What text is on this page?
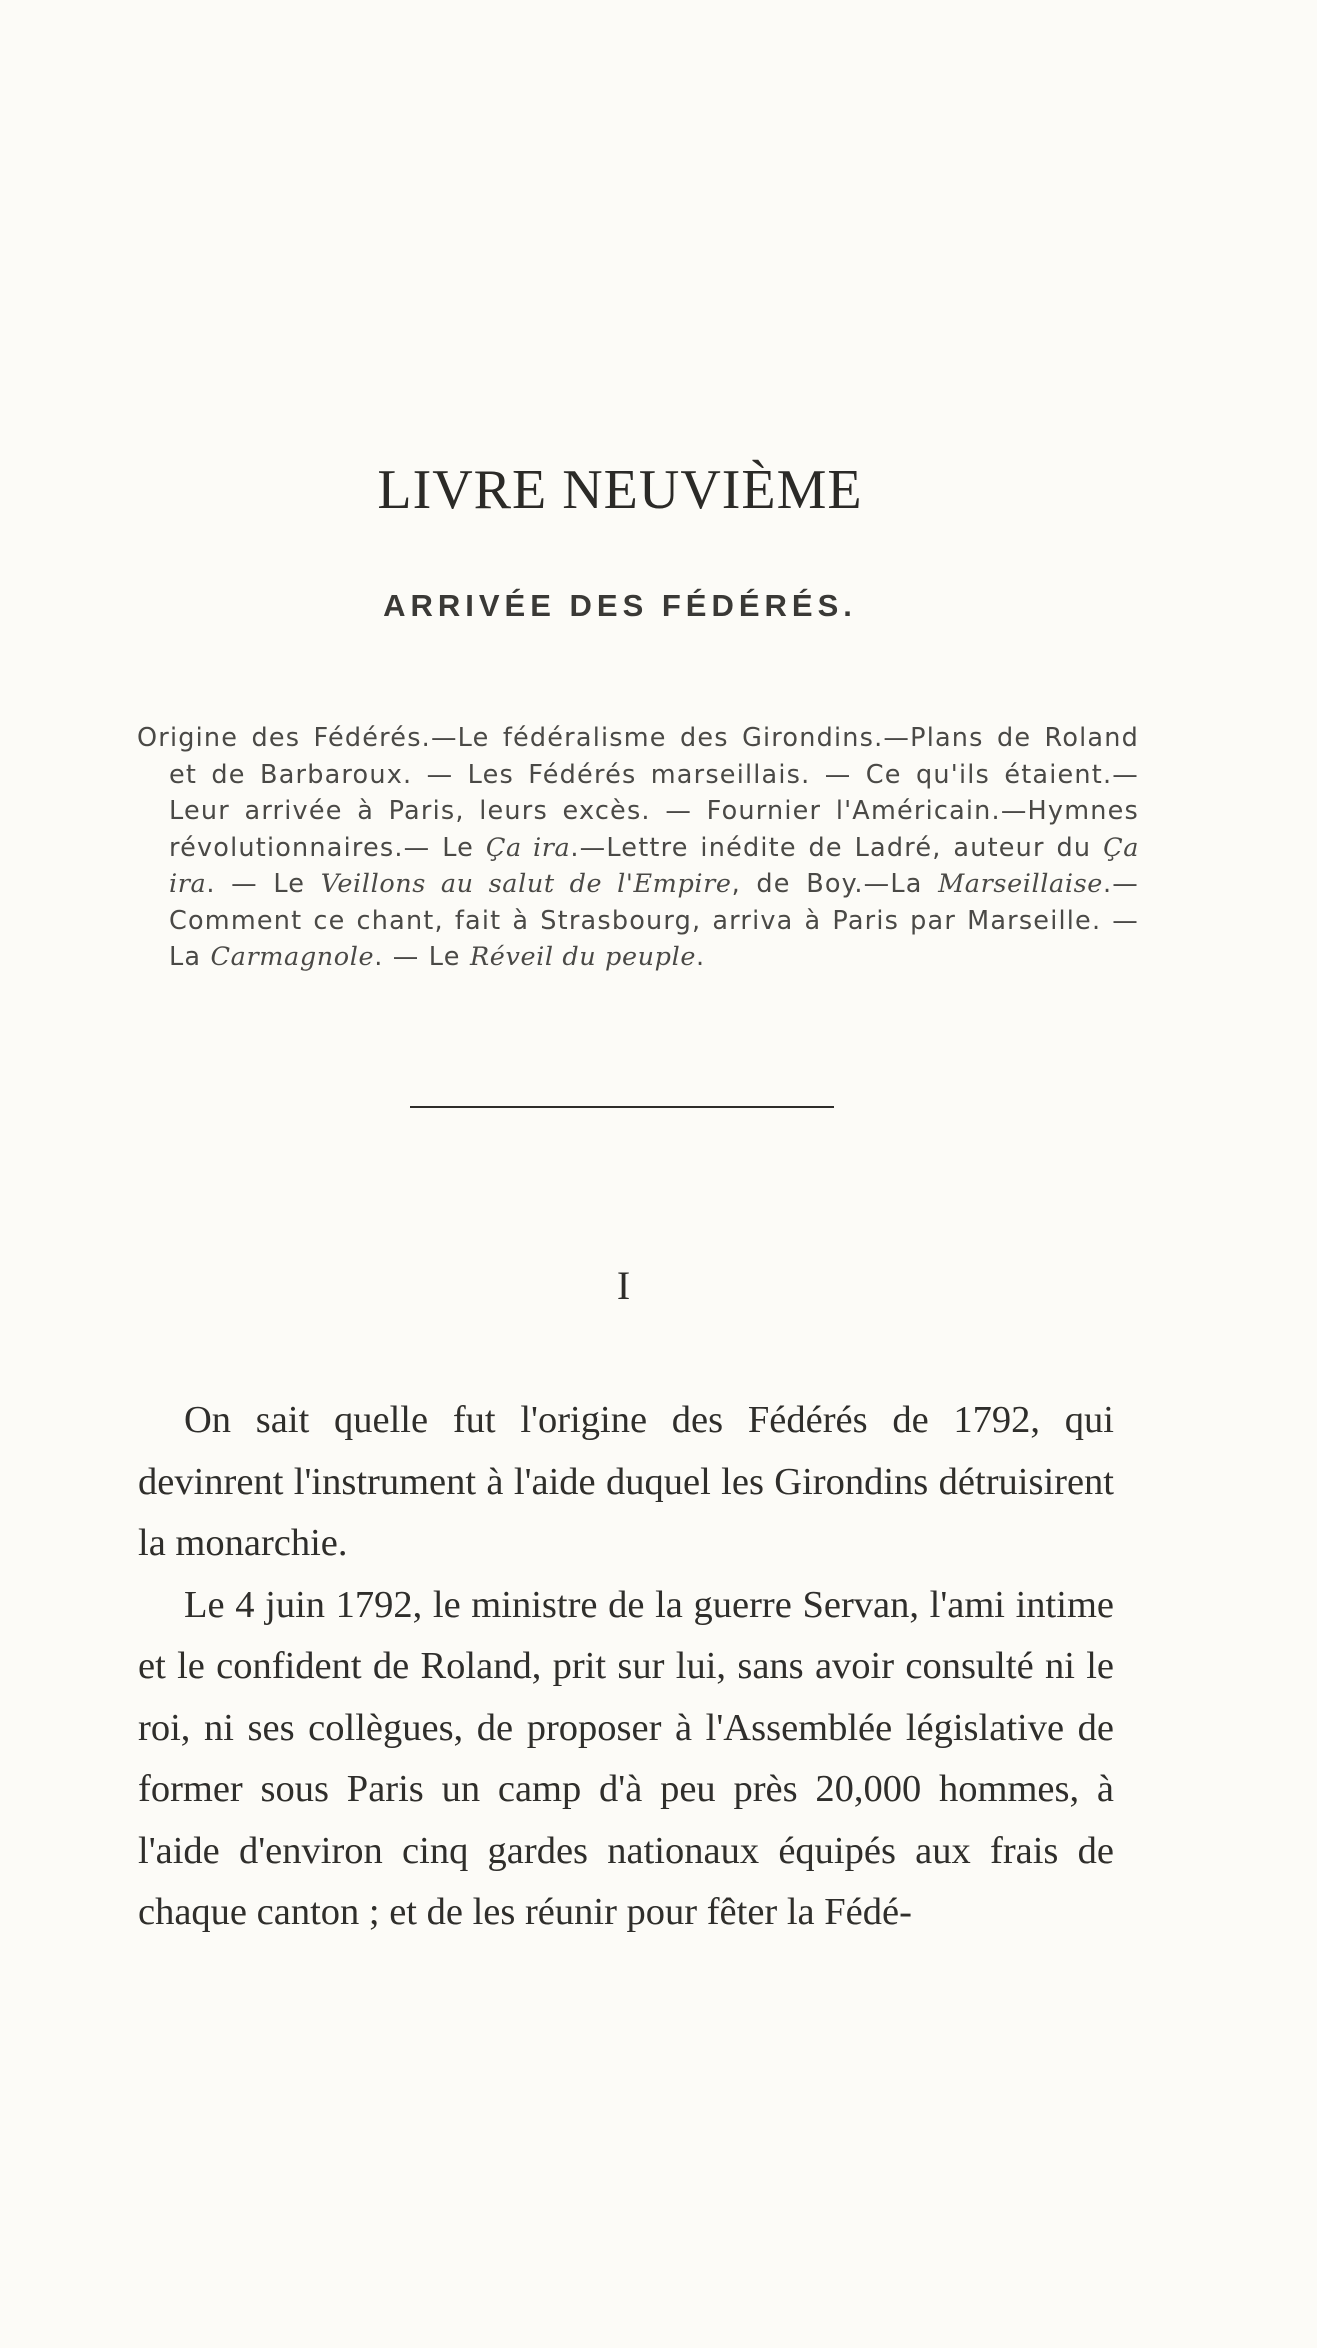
LIVRE NEUVIÈME
ARRIVÉE DES FÉDÉRÉS.

Origine des Fédérés.—Le fédéralisme des Girondins.—Plans de Roland et de Barbaroux. — Les Fédérés marseillais. — Ce qu'ils étaient.—Leur arrivée à Paris, leurs excès. — Fournier l'Américain.—Hymnes révolutionnaires.— Le Ça ira.—Lettre inédite de Ladré, auteur du Ça ira. — Le Veillons au salut de l'Empire, de Boy.—La Marseillaise.—Comment ce chant, fait à Strasbourg, arriva à Paris par Marseille. — La Carmagnole. — Le Réveil du peuple.

I

On sait quelle fut l'origine des Fédérés de 1792, qui devinrent l'instrument à l'aide duquel les Girondins détruisirent la monarchie.

Le 4 juin 1792, le ministre de la guerre Servan, l'ami intime et le confident de Roland, prit sur lui, sans avoir consulté ni le roi, ni ses collègues, de proposer à l'Assemblée législative de former sous Paris un camp d'à peu près 20,000 hommes, à l'aide d'environ cinq gardes nationaux équipés aux frais de chaque canton ; et de les réunir pour fêter la Fédé-
